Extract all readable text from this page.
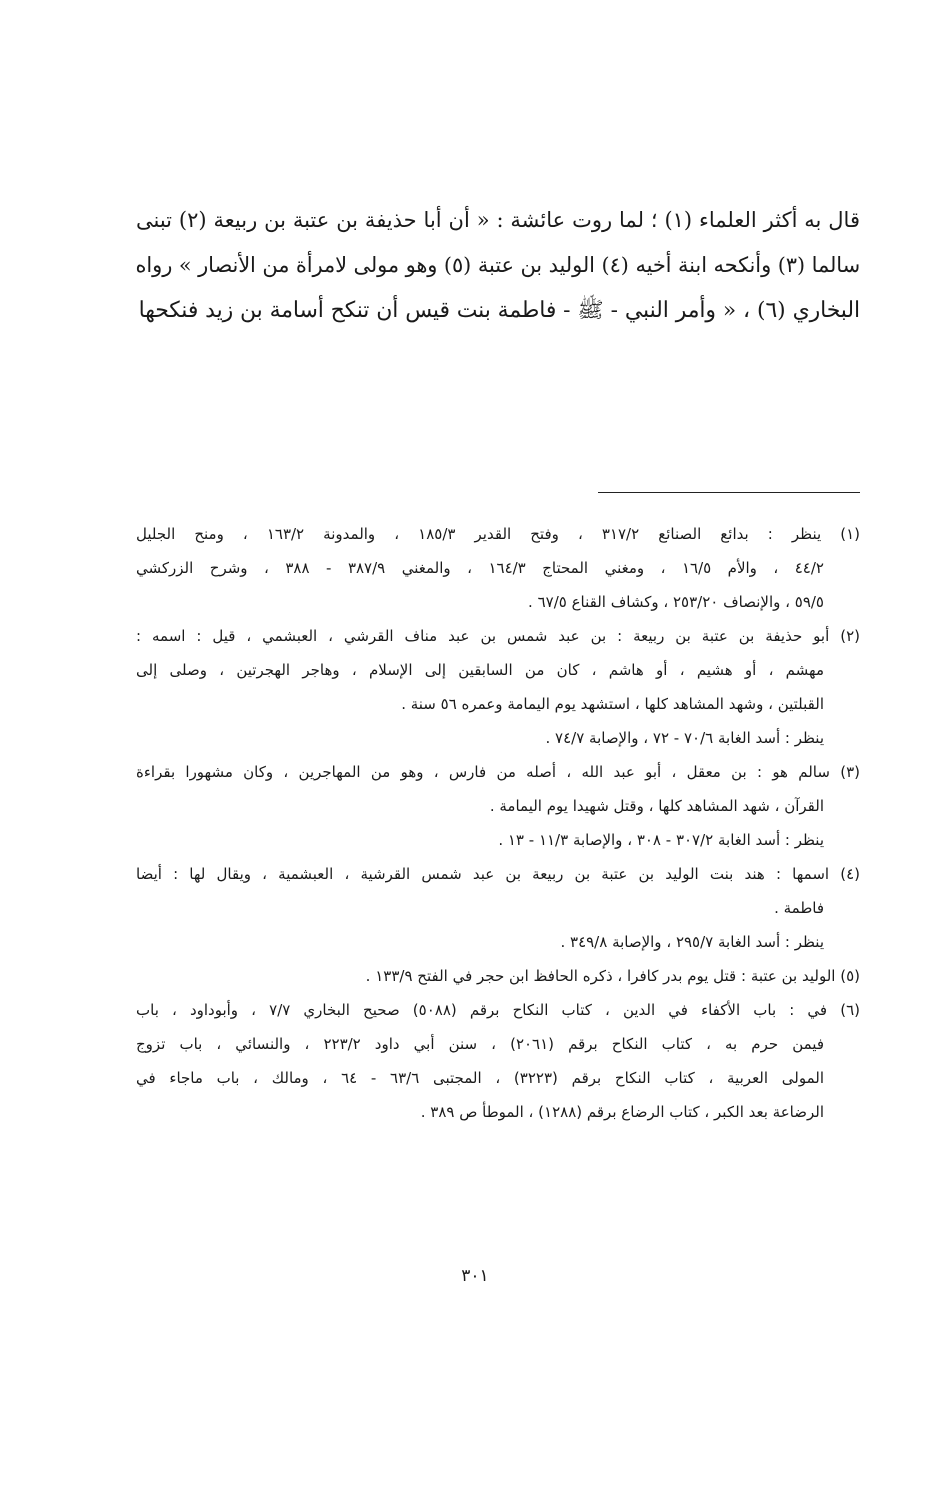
قال به أكثر العلماء (١) ؛ لما روت عائشة : « أن أبا حذيفة بن عتبة بن ربيعة (٢) تبنى
سالما (٣) وأنكحه ابنة أخيه (٤) الوليد بن عتبة (٥) وهو مولى لامرأة من الأنصار » رواه
البخاري (٦) ، « وأمر النبي - ﷺ - فاطمة بنت قيس أن تنكح أسامة بن زيد فنكحها
(١) ينظر : بدائع الصنائع ٣١٧/٢ ، وفتح القدير ١٨٥/٣ ، والمدونة ١٦٣/٢ ، ومنح الجليل
٤٤/٢ ، والأم ١٦/٥ ، ومغني المحتاج ١٦٤/٣ ، والمغني ٣٨٧/٩ - ٣٨٨ ، وشرح الزركشي
٥٩/٥ ، والإنصاف ٢٥٣/٢٠ ، وكشاف القناع ٦٧/٥ .
(٢) أبو حذيفة بن عتبة بن ربيعة : بن عبد شمس بن عبد مناف القرشي ، العبشمي ، قيل : اسمه :
مهشم ، أو هشيم ، أو هاشم ، كان من السابقين إلى الإسلام ، وهاجر الهجرتين ، وصلى إلى
القبلتين ، وشهد المشاهد كلها ، استشهد يوم اليمامة وعمره ٥٦ سنة .
ينظر : أسد الغابة ٧٠/٦ - ٧٢ ، والإصابة ٧٤/٧ .
(٣) سالم هو : بن معقل ، أبو عبد الله ، أصله من فارس ، وهو من المهاجرين ، وكان مشهورا بقراءة
القرآن ، شهد المشاهد كلها ، وقتل شهيدا يوم اليمامة .
ينظر : أسد الغابة ٣٠٧/٢ - ٣٠٨ ، والإصابة ١١/٣ - ١٣ .
(٤) اسمها : هند بنت الوليد بن عتبة بن ربيعة بن عبد شمس القرشية ، العبشمية ، ويقال لها : أيضا
فاطمة .
ينظر : أسد الغابة ٢٩٥/٧ ، والإصابة ٣٤٩/٨ .
(٥) الوليد بن عتبة : قتل يوم بدر كافرا ، ذكره الحافظ ابن حجر في الفتح ١٣٣/٩ .
(٦) في : باب الأكفاء في الدين ، كتاب النكاح برقم (٥٠٨٨) صحيح البخاري ٧/٧ ، وأبوداود ، باب
فيمن حرم به ، كتاب النكاح برقم (٢٠٦١) ، سنن أبي داود ٢٢٣/٢ ، والنسائي ، باب تزوج
المولى العربية ، كتاب النكاح برقم (٣٢٢٣) ، المجتبى ٦٣/٦ - ٦٤ ، ومالك ، باب ماجاء في
الرضاعة بعد الكبر ، كتاب الرضاع برقم (١٢٨٨) ، الموطأ ص ٣٨٩ .
٣٠١
